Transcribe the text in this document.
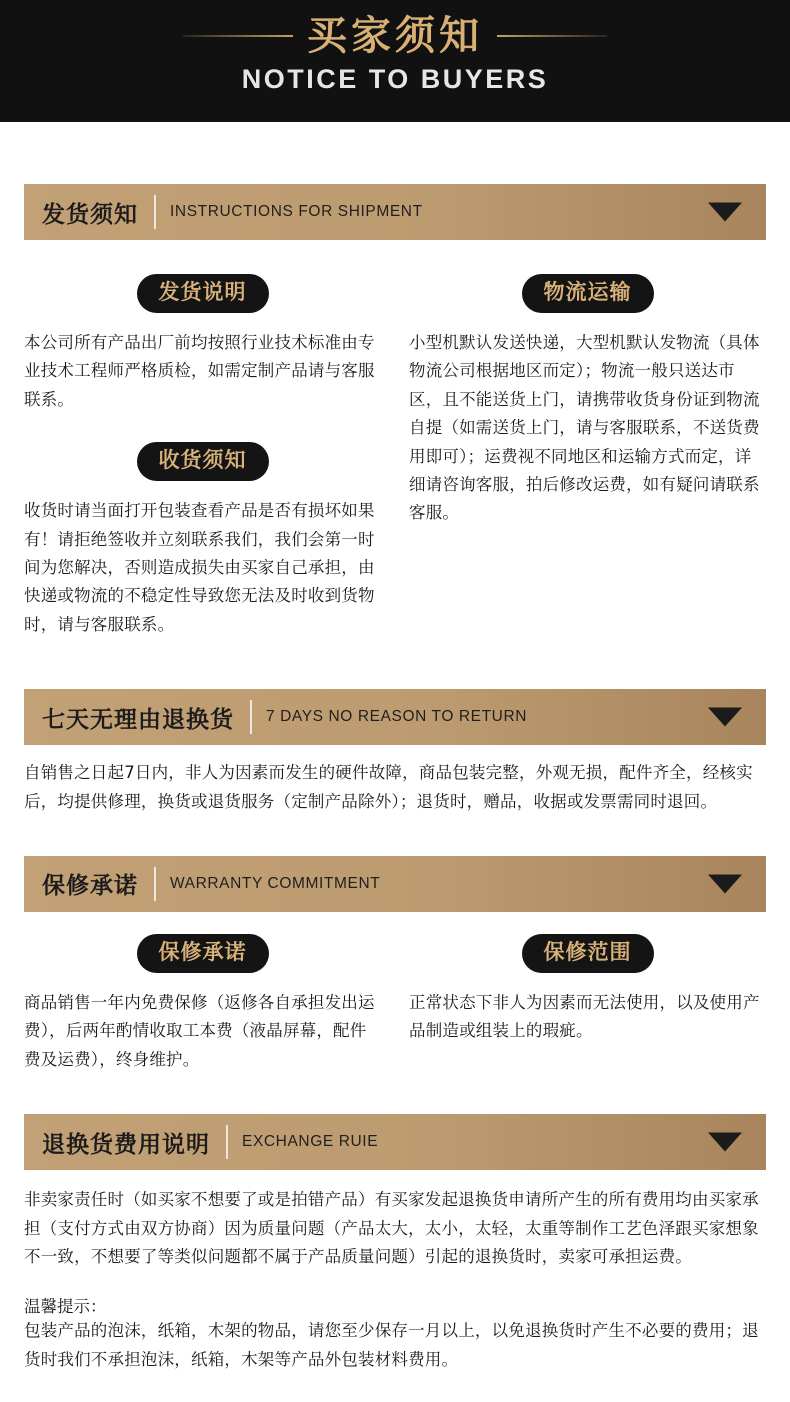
买家须知
NOTICE TO BUYERS
发货须知	INSTRUCTIONS FOR SHIPMENT
发货说明
本公司所有产品出厂前均按照行业技术标准由专业技术工程师严格质检，如需定制产品请与客服联系。
收货须知
收货时请当面打开包装查看产品是否有损坏如果有！请拒绝签收并立刻联系我们，我们会第一时间为您解决，否则造成损失由买家自己承担，由快递或物流的不稳定性导致您无法及时收到货物时，请与客服联系。
物流运输
小型机默认发送快递，大型机默认发物流（具体物流公司根据地区而定）；物流一般只送达市区，且不能送货上门，请携带收货身份证到物流自提（如需送货上门，请与客服联系，不送货费用即可）；运费视不同地区和运输方式而定，详细请咨询客服，拍后修改运费，如有疑问请联系客服。
七天无理由退换货	7 DAYS NO REASON TO RETURN
自销售之日起7日内，非人为因素而发生的硬件故障，商品包装完整，外观无损，配件齐全，经核实后，均提供修理，换货或退货服务（定制产品除外）；退货时，赠品，收据或发票需同时退回。
保修承诺	WARRANTY COMMITMENT
保修承诺
商品销售一年内免费保修（返修各自承担发出运费），后两年酌情收取工本费（液晶屏幕，配件费及运费），终身维护。
保修范围
正常状态下非人为因素而无法使用，以及使用产品制造或组装上的瑕疵。
退换货费用说明	EXCHANGE RUIE
非卖家责任时（如买家不想要了或是拍错产品）有买家发起退换货申请所产生的所有费用均由买家承担（支付方式由双方协商）因为质量问题（产品太大，太小，太轻，太重等制作工艺色泽跟买家想象不一致，不想要了等类似问题都不属于产品质量问题）引起的退换货时，卖家可承担运费。
温馨提示：
包装产品的泡沫，纸箱，木架的物品，请您至少保存一月以上，以免退换货时产生不必要的费用；退货时我们不承担泡沫，纸箱，木架等产品外包装材料费用。
